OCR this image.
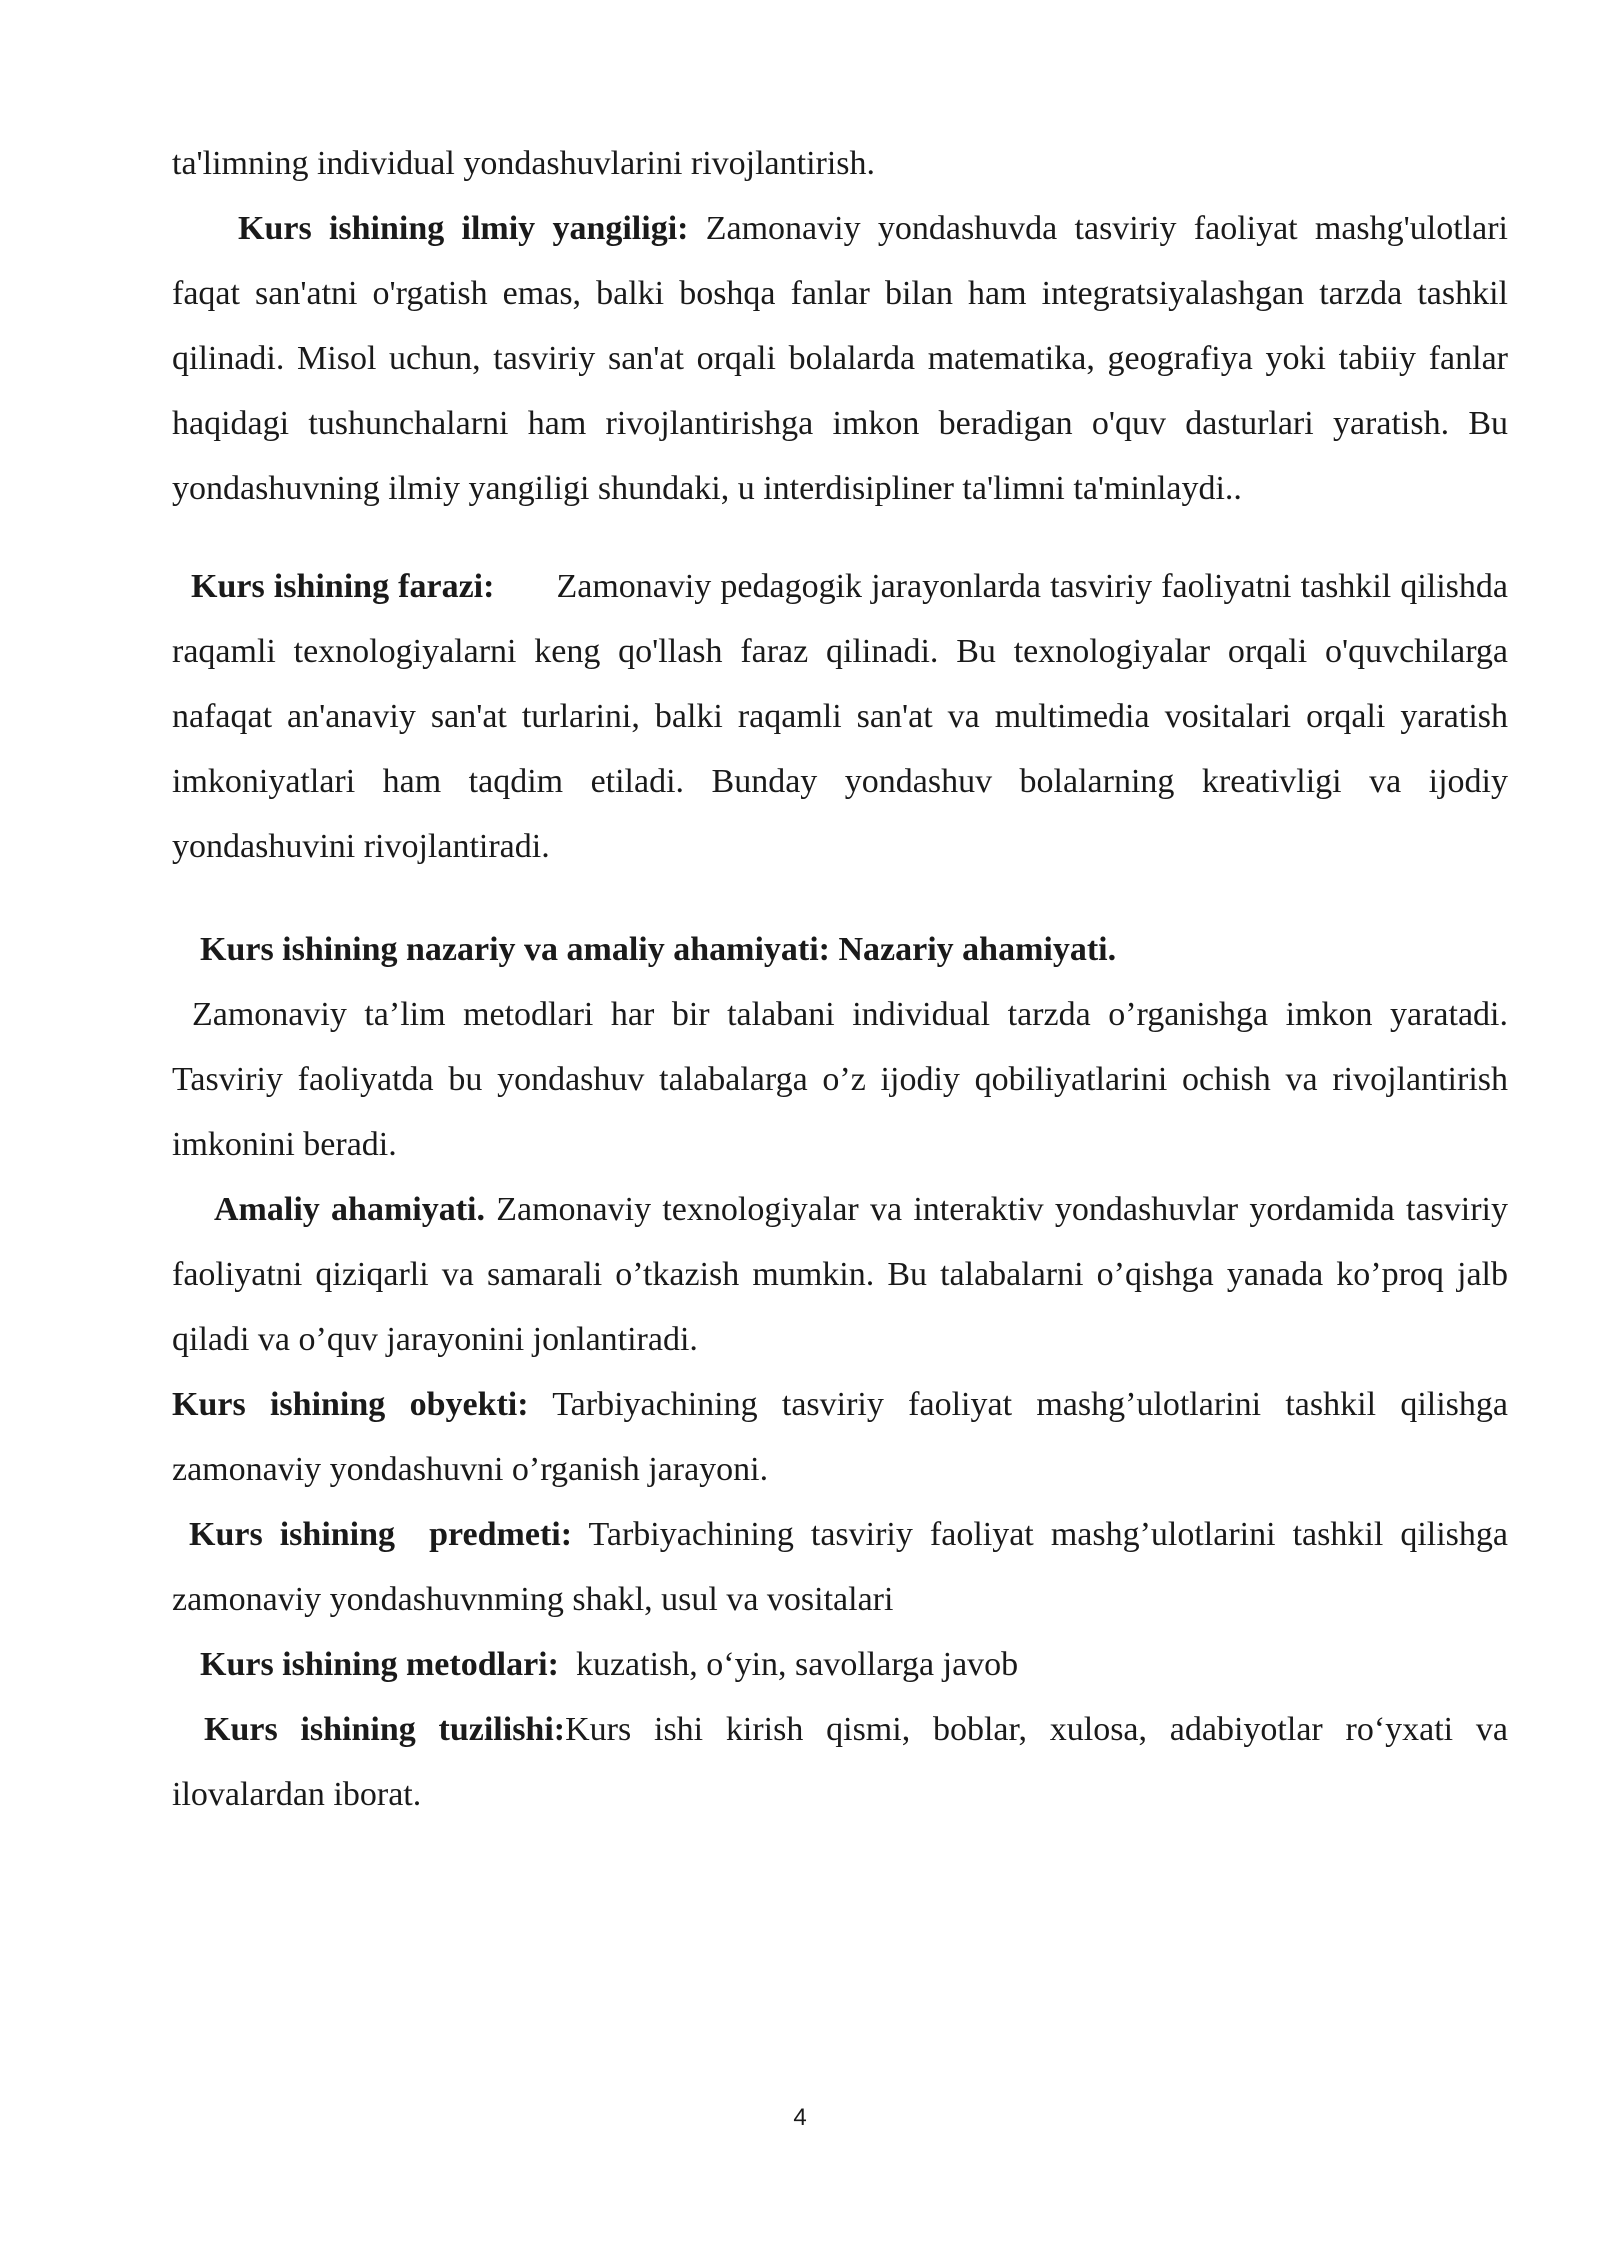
ta'limning individual yondashuvlarini rivojlantirish.

Kurs ishining ilmiy yangiligi: Zamonaviy yondashuvda tasviriy faoliyat mashg'ulotlari faqat san'atni o'rgatish emas, balki boshqa fanlar bilan ham integratsiyalashgan tarzda tashkil qilinadi. Misol uchun, tasviriy san'at orqali bolalarda matematika, geografiya yoki tabiiy fanlar haqidagi tushunchalarni ham rivojlantirishga imkon beradigan o'quv dasturlari yaratish. Bu yondashuvning ilmiy yangiligi shundaki, u interdisipliner ta'limni ta'minlaydi..

Kurs ishining farazi: Zamonaviy pedagogik jarayonlarda tasviriy faoliyatni tashkil qilishda raqamli texnologiyalarni keng qo'llash faraz qilinadi. Bu texnologiyalar orqali o'quvchilarga nafaqat an'anaviy san'at turlarini, balki raqamli san'at va multimedia vositalari orqali yaratish imkoniyatlari ham taqdim etiladi. Bunday yondashuv bolalarning kreativligi va ijodiy yondashuvini rivojlantiradi.

Kurs ishining nazariy va amaliy ahamiyati: Nazariy ahamiyati.

Zamonaviy ta’lim metodlari har bir talabani individual tarzda o’rganishga imkon yaratadi. Tasviriy faoliyatda bu yondashuv talabalarga o’z ijodiy qobiliyatlarini ochish va rivojlantirish imkonini beradi.

Amaliy ahamiyati. Zamonaviy texnologiyalar va interaktiv yondashuvlar yordamida tasviriy faoliyatni qiziqarli va samarali o’tkazish mumkin. Bu talabalarni o’qishga yanada ko’proq jalb qiladi va o’quv jarayonini jonlantiradi.

Kurs ishining obyekti: Tarbiyachining tasviriy faoliyat mashg’ulotlarini tashkil qilishga zamonaviy yondashuvni o’rganish jarayoni.

Kurs ishining  predmeti: Tarbiyachining tasviriy faoliyat mashg’ulotlarini tashkil qilishga zamonaviy yondashuvnming shakl, usul va vositalari

Kurs ishining metodlari:  kuzatish, o‘yin, savollarga javob

Kurs ishining tuzilishi:Kurs ishi kirish qismi, boblar, xulosa, adabiyotlar ro‘yxati va ilovalardan iborat.

4
